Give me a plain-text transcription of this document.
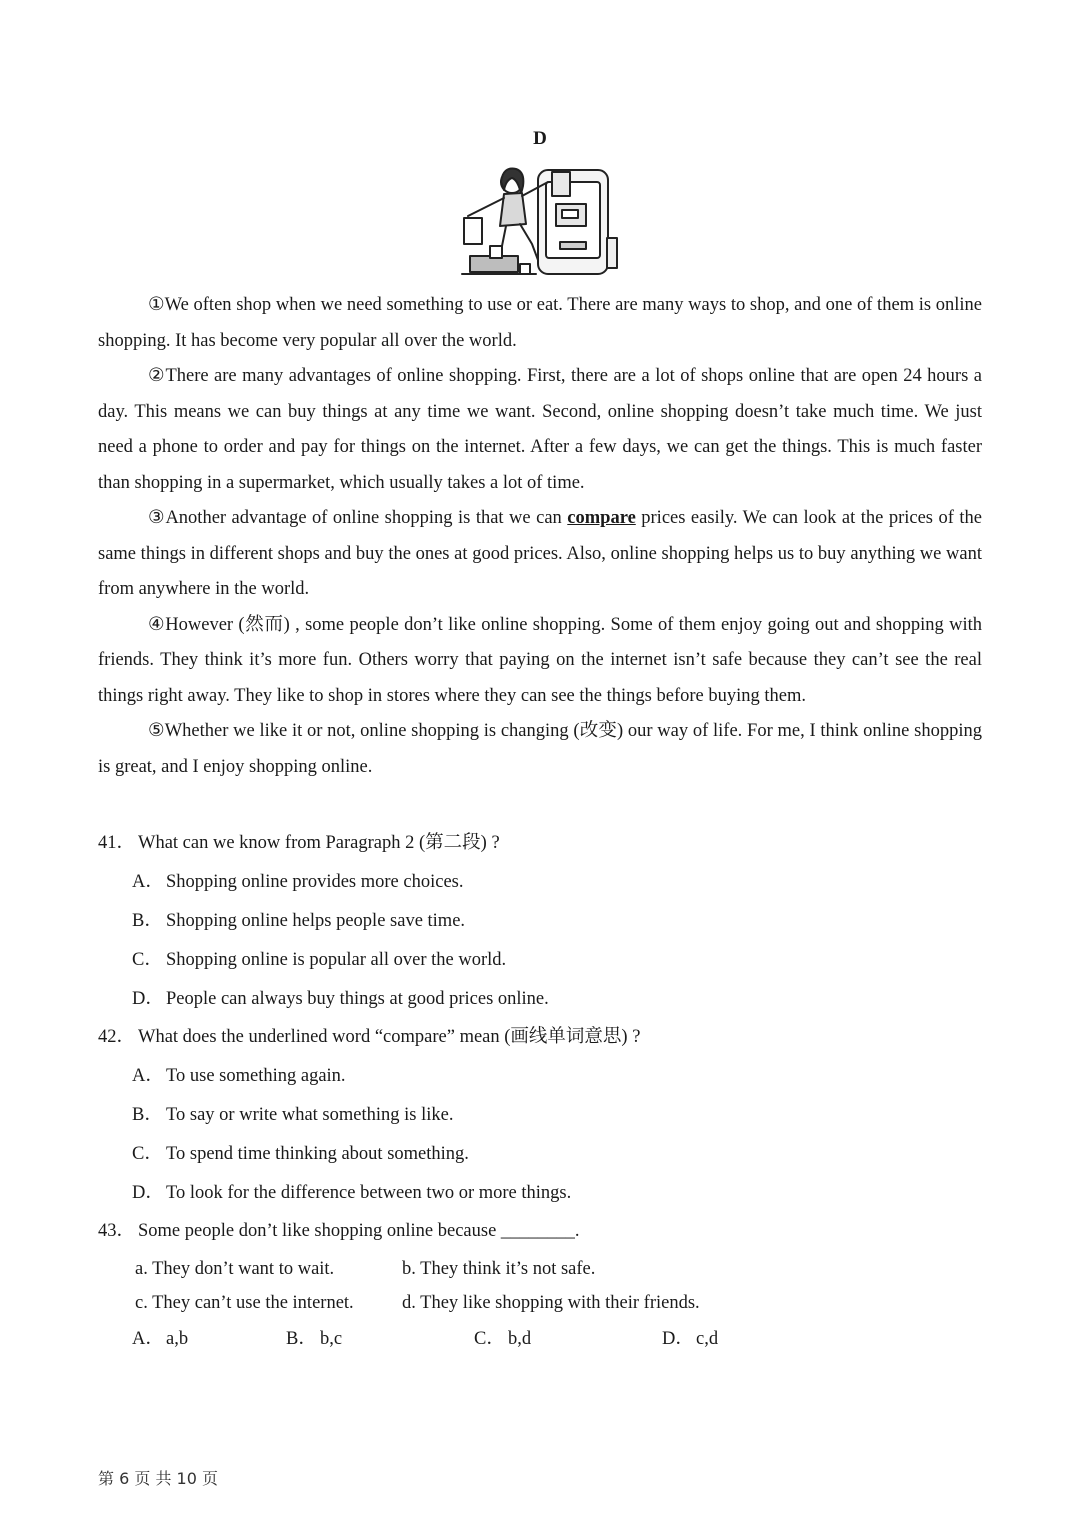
D

①We often shop when we need something to use or eat. There are many ways to shop, and one of them is online shopping. It has become very popular all over the world.

②There are many advantages of online shopping. First, there are a lot of shops online that are open 24 hours a day. This means we can buy things at any time we want. Second, online shopping doesn’t take much time. We just need a phone to order and pay for things on the internet. After a few days, we can get the things. This is much faster than shopping in a supermarket, which usually takes a lot of time.

③Another advantage of online shopping is that we can compare prices easily. We can look at the prices of the same things in different shops and buy the ones at good prices. Also, online shopping helps us to buy anything we want from anywhere in the world.

④However (然而) , some people don’t like online shopping. Some of them enjoy going out and shopping with friends. They think it’s more fun. Others worry that paying on the internet isn’t safe because they can’t see the real things right away. They like to shop in stores where they can see the things before buying them.

⑤Whether we like it or not, online shopping is changing (改变) our way of life. For me, I think online shopping is great, and I enjoy shopping online.

41． What can we know from Paragraph 2 (第二段) ?
A． Shopping online provides more choices.
B． Shopping online helps people save time.
C． Shopping online is popular all over the world.
D． People can always buy things at good prices online.
42． What does the underlined word “compare” mean (画线单词意思) ?
A． To use something again.
B． To say or write what something is like.
C． To spend time thinking about something.
D． To look for the difference between two or more things.
43． Some people don’t like shopping online because ________.
a. They don’t want to wait.	b. They think it’s not safe.
c. They can’t use the internet.	d. They like shopping with their friends.
A． a,b	B． b,c	C． b,d	D． c,d
第 6 页 共 10 页
